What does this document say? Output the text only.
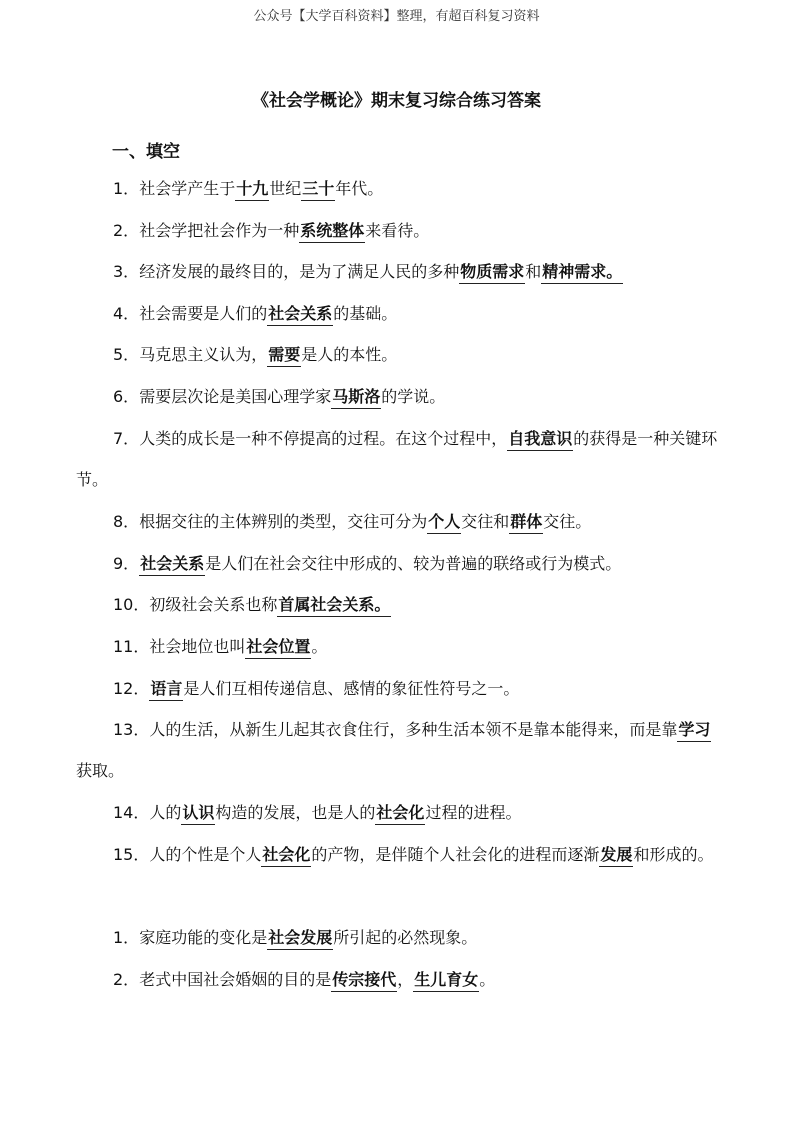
公众号【大学百科资料】整理，有超百科复习资料
《社会学概论》期末复习综合练习答案
一、填空
1．社会学产生于十九世纪三十年代。
2．社会学把社会作为一种系统整体来看待。
3．经济发展的最终目的，是为了满足人民的多种物质需求和精神需求。
4．社会需要是人们的社会关系的基础。
5．马克思主义认为，需要是人的本性。
6．需要层次论是美国心理学家马斯洛的学说。
7．人类的成长是一种不停提高的过程。在这个过程中，自我意识的获得是一种关键环节。
8．根据交往的主体辨别的类型，交往可分为个人交往和群体交往。
9．社会关系是人们在社会交往中形成的、较为普遍的联络或行为模式。
10．初级社会关系也称首属社会关系。
11．社会地位也叫社会位置。
12．语言是人们互相传递信息、感情的象征性符号之一。
13．人的生活，从新生儿起其衣食住行，多种生活本领不是靠本能得来，而是靠学习获取。
14．人的认识构造的发展，也是人的社会化过程的进程。
15．人的个性是个人社会化的产物，是伴随个人社会化的进程而逐渐发展和形成的。
1．家庭功能的变化是社会发展所引起的必然现象。
2．老式中国社会婚姻的目的是传宗接代，生儿育女。
